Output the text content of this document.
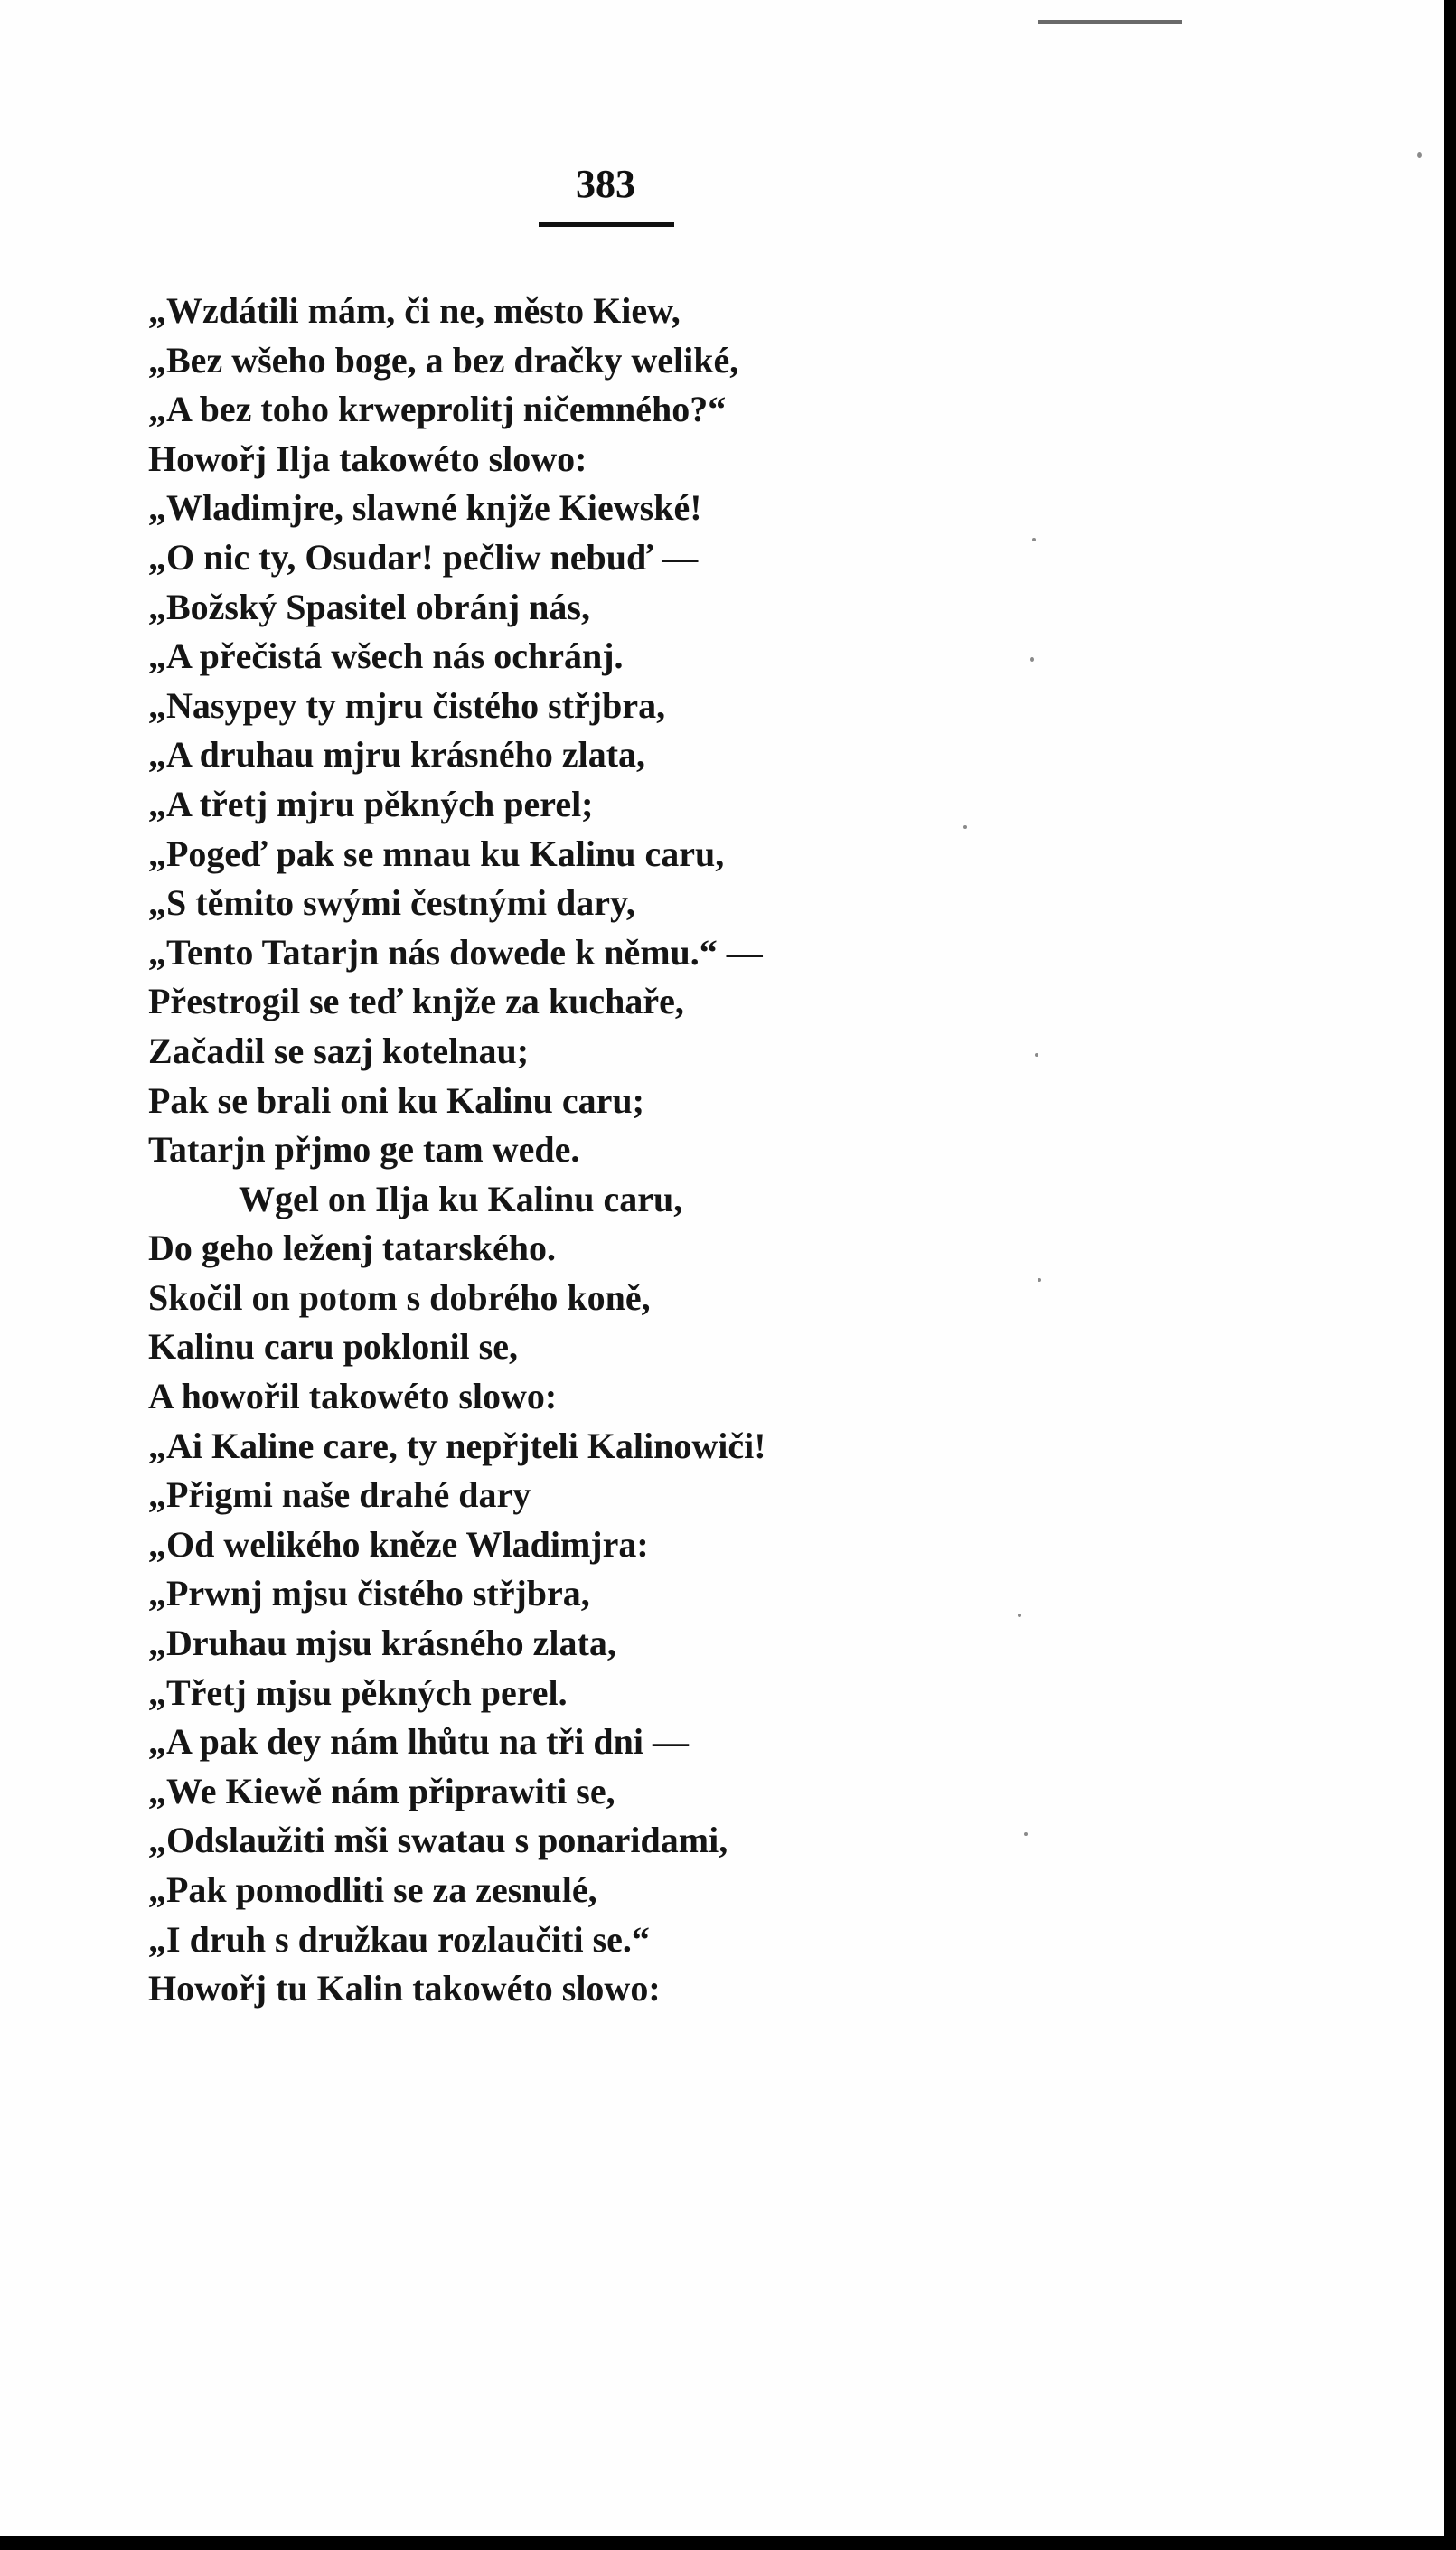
383
„Wzdátili mám, či ne, město Kiew,
„Bez wšeho boge, a bez dračky weliké,
„A bez toho krweprolitj ničemného?“
Howořj Ilja takowéto slowo:
„Wladimjre, slawné knjže Kiewské!
„O nic ty, Osudar! pečliw nebuď —
„Božský Spasitel obránj nás,
„A přečistá wšech nás ochránj.
„Nasypey ty mjru čistého střjbra,
„A druhau mjru krásného zlata,
„A třetj mjru pěkných perel;
„Pogeď pak se mnau ku Kalinu caru,
„S těmito swými čestnými dary,
„Tento Tatarjn nás dowede k němu.“ —
Přestrogil se teď knjže za kuchaře,
Začadil se sazj kotelnau;
Pak se brali oni ku Kalinu caru;
Tatarjn přjmo ge tam wede.
Wgel on Ilja ku Kalinu caru,
Do geho leženj tatarského.
Skočil on potom s dobrého koně,
Kalinu caru poklonil se,
A howořil takowéto slowo:
„Ai Kaline care, ty nepřjteli Kalinowiči!
„Přigmi naše drahé dary
„Od welikého kněze Wladimjra:
„Prwnj mjsu čistého střjbra,
„Druhau mjsu krásného zlata,
„Třetj mjsu pěkných perel.
„A pak dey nám lhůtu na tři dni —
„We Kiewě nám připrawiti se,
„Odslaužiti mši swatau s ponaridami,
„Pak pomodliti se za zesnulé,
„I druh s družkau rozlaučiti se.“
Howořj tu Kalin takowéto slowo:
